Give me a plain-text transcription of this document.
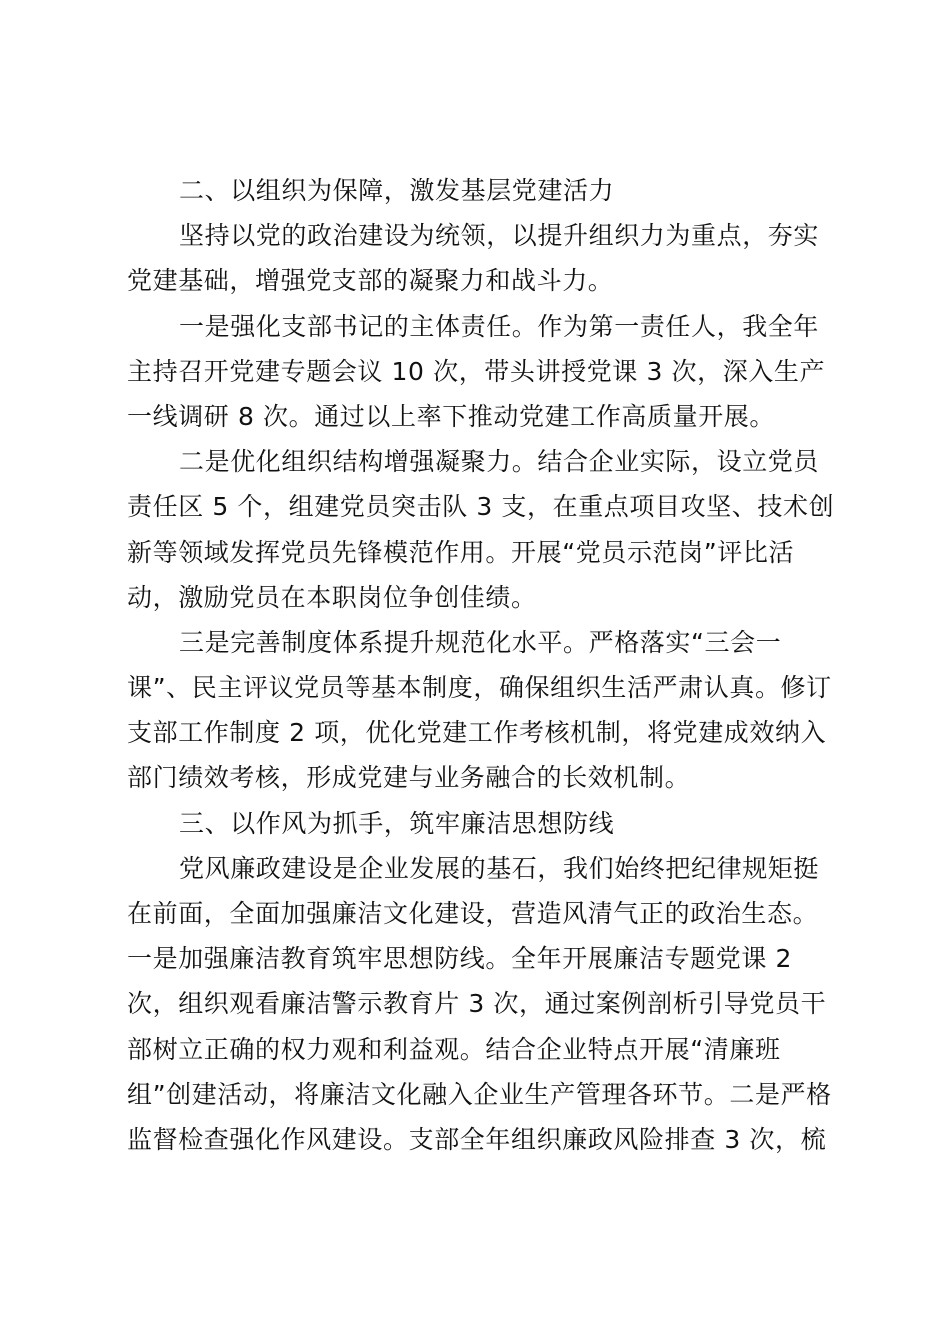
二、以组织为保障，激发基层党建活力
坚持以党的政治建设为统领，以提升组织力为重点，夯实
党建基础，增强党支部的凝聚力和战斗力。
一是强化支部书记的主体责任。作为第一责任人，我全年
主持召开党建专题会议 10 次，带头讲授党课 3 次，深入生产
一线调研 8 次。通过以上率下推动党建工作高质量开展。
二是优化组织结构增强凝聚力。结合企业实际，设立党员
责任区 5 个，组建党员突击队 3 支，在重点项目攻坚、技术创
新等领域发挥党员先锋模范作用。开展“党员示范岗”评比活
动，激励党员在本职岗位争创佳绩。
三是完善制度体系提升规范化水平。严格落实“三会一
课”、民主评议党员等基本制度，确保组织生活严肃认真。修订
支部工作制度 2 项，优化党建工作考核机制，将党建成效纳入
部门绩效考核，形成党建与业务融合的长效机制。
三、以作风为抓手，筑牢廉洁思想防线
党风廉政建设是企业发展的基石，我们始终把纪律规矩挺
在前面，全面加强廉洁文化建设，营造风清气正的政治生态。
一是加强廉洁教育筑牢思想防线。全年开展廉洁专题党课 2
次，组织观看廉洁警示教育片 3 次，通过案例剖析引导党员干
部树立正确的权力观和利益观。结合企业特点开展“清廉班
组”创建活动，将廉洁文化融入企业生产管理各环节。二是严格
监督检查强化作风建设。支部全年组织廉政风险排查 3 次，梳
